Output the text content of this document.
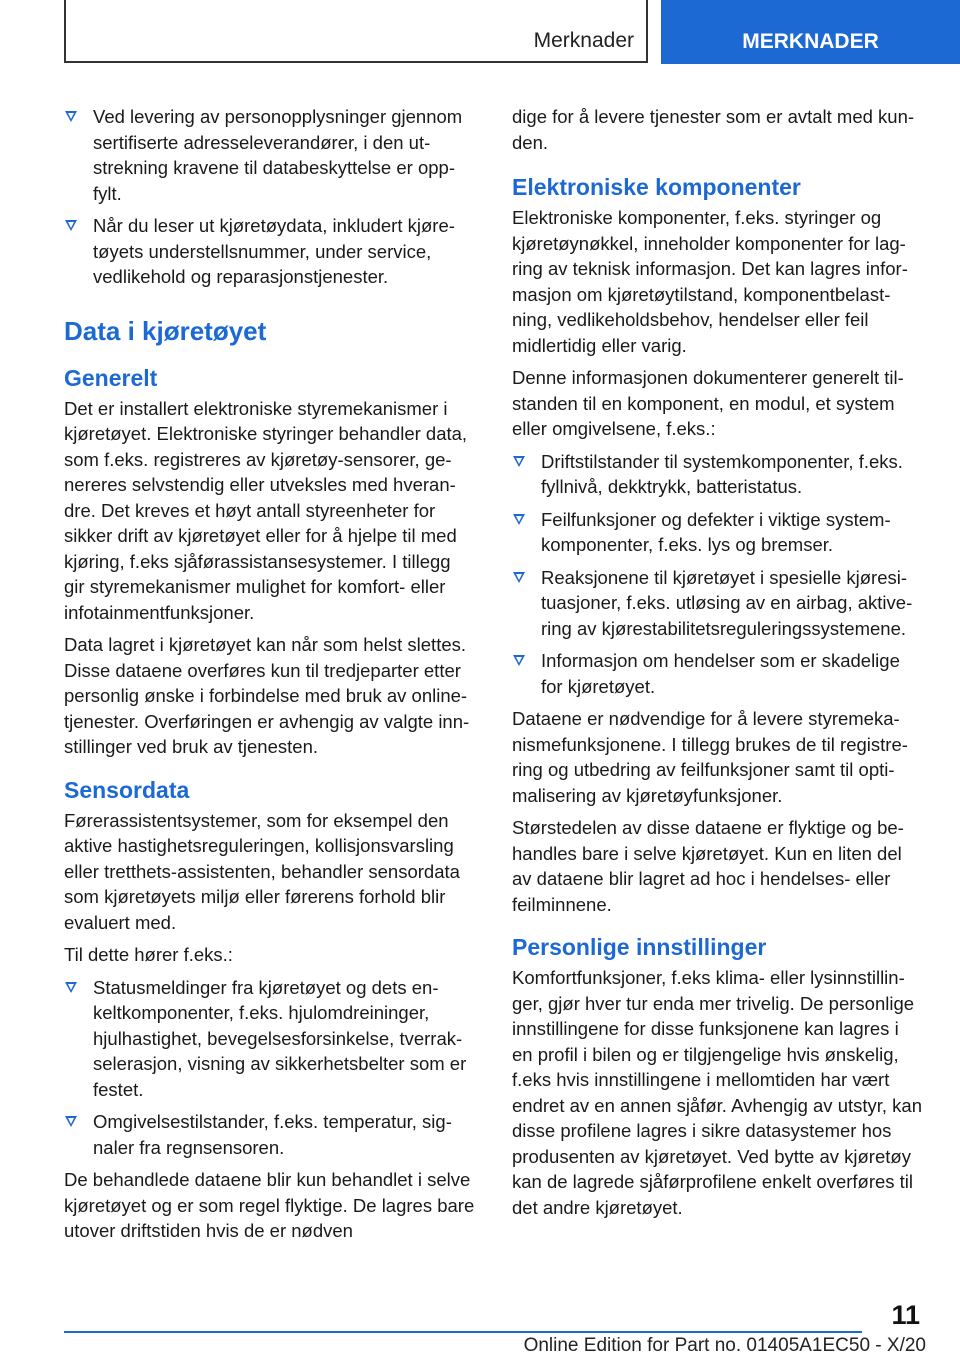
Merknader	MERKNADER
Ved levering av personopplysninger gjennom sertifiserte adresseleverandører, i den utstrekning kravene til databeskyttelse er oppfylt.
Når du leser ut kjøretøydata, inkludert kjøretøyets understellsnummer, under service, vedlikehold og reparasjonstjenester.
Data i kjøretøyet
Generelt

Det er installert elektroniske styremekanismer i kjøretøyet. Elektroniske styringer behandler data, som f.eks. registreres av kjøretøy-sensorer, genereres selvstendig eller utveksles med hverandre. Det kreves et høyt antall styreenheter for sikker drift av kjøretøyet eller for å hjelpe til med kjøring, f.eks sjåførassistansesystemer. I tillegg gir styremekanismer mulighet for komfort- eller infotainmentfunksjoner.

Data lagret i kjøretøyet kan når som helst slettes. Disse dataene overføres kun til tredjeparter etter personlig ønske i forbindelse med bruk av online-tjenester. Overføringen er avhengig av valgte innstillinger ved bruk av tjenesten.

Sensordata

Førerassistentsystemer, som for eksempel den aktive hastighetsreguleringen, kollisjonsvarsling eller tretthets-assistenten, behandler sensordata som kjøretøyets miljø eller førerens forhold blir evaluert med.

Til dette hører f.eks.:

Statusmeldinger fra kjøretøyet og dets enkeltkomponenter, f.eks. hjulomdreininger, hjulhastighet, bevegelsesforsinkelse, tverrakselerasjon, visning av sikkerhetsbelter som er festet.
Omgivelsestilstander, f.eks. temperatur, signaler fra regnsensoren.

De behandlede dataene blir kun behandlet i selve kjøretøyet og er som regel flyktige. De lagres bare utover driftstiden hvis de er nødven

dige for å levere tjenester som er avtalt med kunden.

Elektroniske komponenter

Elektroniske komponenter, f.eks. styringer og kjøretøynøkkel, inneholder komponenter for lagring av teknisk informasjon. Det kan lagres informasjon om kjøretøytilstand, komponentbelastning, vedlikeholdsbehov, hendelser eller feil midlertidig eller varig.

Denne informasjonen dokumenterer generelt tilstanden til en komponent, en modul, et system eller omgivelsene, f.eks.:

Driftstilstander til systemkomponenter, f.eks. fyllnivå, dekktrykk, batteristatus.
Feilfunksjoner og defekter i viktige systemkomponenter, f.eks. lys og bremser.
Reaksjonene til kjøretøyet i spesielle kjøresituasjoner, f.eks. utløsing av en airbag, aktivering av kjørestabilitetsreguleringssystemene.
Informasjon om hendelser som er skadelige for kjøretøyet.

Dataene er nødvendige for å levere styremekanismefunksjonene. I tillegg brukes de til registrering og utbedring av feilfunksjoner samt til optimalisering av kjøretøyfunksjoner.

Størstedelen av disse dataene er flyktige og behandles bare i selve kjøretøyet. Kun en liten del av dataene blir lagret ad hoc i hendelses- eller feilminnene.

Personlige innstillinger

Komfortfunksjoner, f.eks klima- eller lysinnstillinger, gjør hver tur enda mer trivelig. De personlige innstillingene for disse funksjonene kan lagres i en profil i bilen og er tilgjengelige hvis ønskelig, f.eks hvis innstillingene i mellomtiden har vært endret av en annen sjåfør. Avhengig av utstyr, kan disse profilene lagres i sikre datasystemer hos produsenten av kjøretøyet. Ved bytte av kjøretøy kan de lagrede sjåførprofilene enkelt overføres til det andre kjøretøyet.

11
Online Edition for Part no. 01405A1EC50 - X/20
